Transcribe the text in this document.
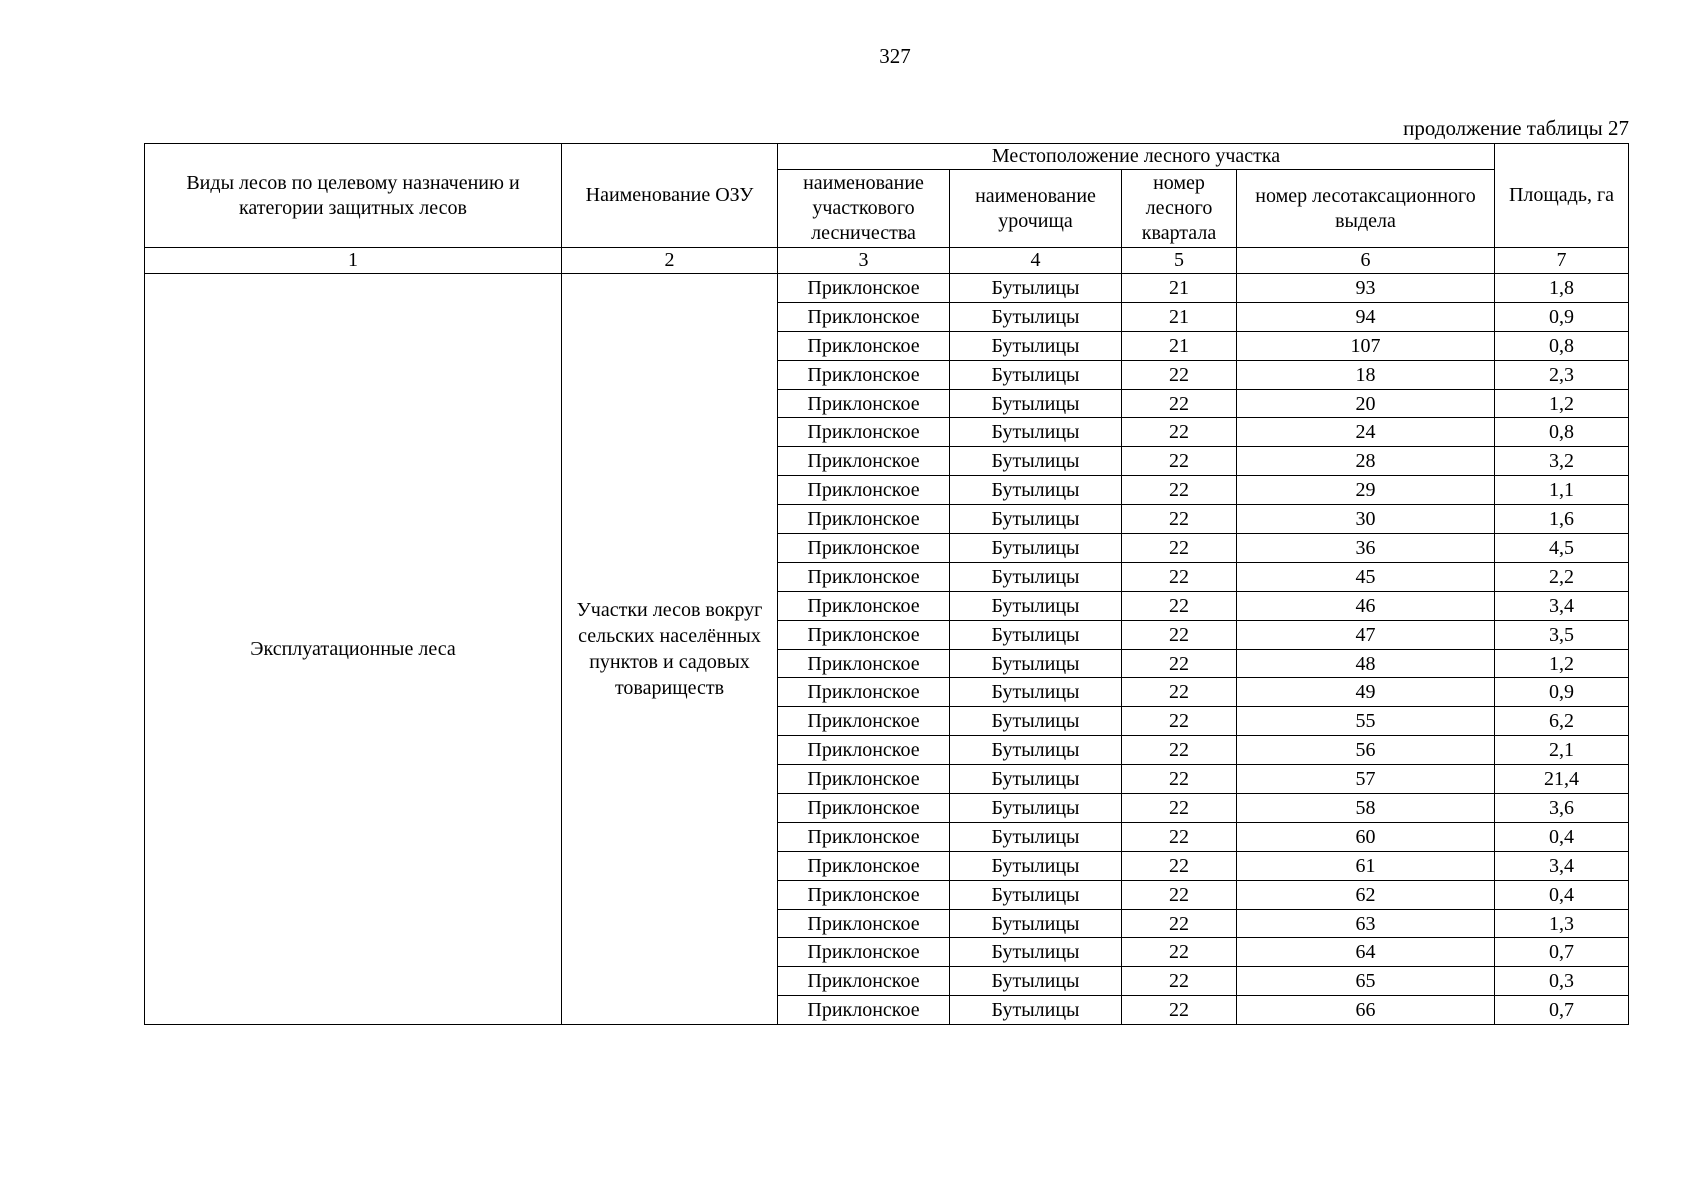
327
продолжение таблицы 27
Виды лесов по целевому назначению и категории защитных лесов	Наименование ОЗУ	Местоположение лесного участка				Площадь, га
		наименование участкового лесничества	наименование урочища	номер лесного квартала	номер лесотаксационного выдела	
1	2	3	4	5	6	7
Эксплуатационные леса	Участки лесов вокруг сельских населённых пунктов и садовых товариществ	Приклонское	Бутылицы	21	93	1,8
		Приклонское	Бутылицы	21	94	0,9
		Приклонское	Бутылицы	21	107	0,8
		Приклонское	Бутылицы	22	18	2,3
		Приклонское	Бутылицы	22	20	1,2
		Приклонское	Бутылицы	22	24	0,8
		Приклонское	Бутылицы	22	28	3,2
		Приклонское	Бутылицы	22	29	1,1
		Приклонское	Бутылицы	22	30	1,6
		Приклонское	Бутылицы	22	36	4,5
		Приклонское	Бутылицы	22	45	2,2
		Приклонское	Бутылицы	22	46	3,4
		Приклонское	Бутылицы	22	47	3,5
		Приклонское	Бутылицы	22	48	1,2
		Приклонское	Бутылицы	22	49	0,9
		Приклонское	Бутылицы	22	55	6,2
		Приклонское	Бутылицы	22	56	2,1
		Приклонское	Бутылицы	22	57	21,4
		Приклонское	Бутылицы	22	58	3,6
		Приклонское	Бутылицы	22	60	0,4
		Приклонское	Бутылицы	22	61	3,4
		Приклонское	Бутылицы	22	62	0,4
		Приклонское	Бутылицы	22	63	1,3
		Приклонское	Бутылицы	22	64	0,7
		Приклонское	Бутылицы	22	65	0,3
		Приклонское	Бутылицы	22	66	0,7
